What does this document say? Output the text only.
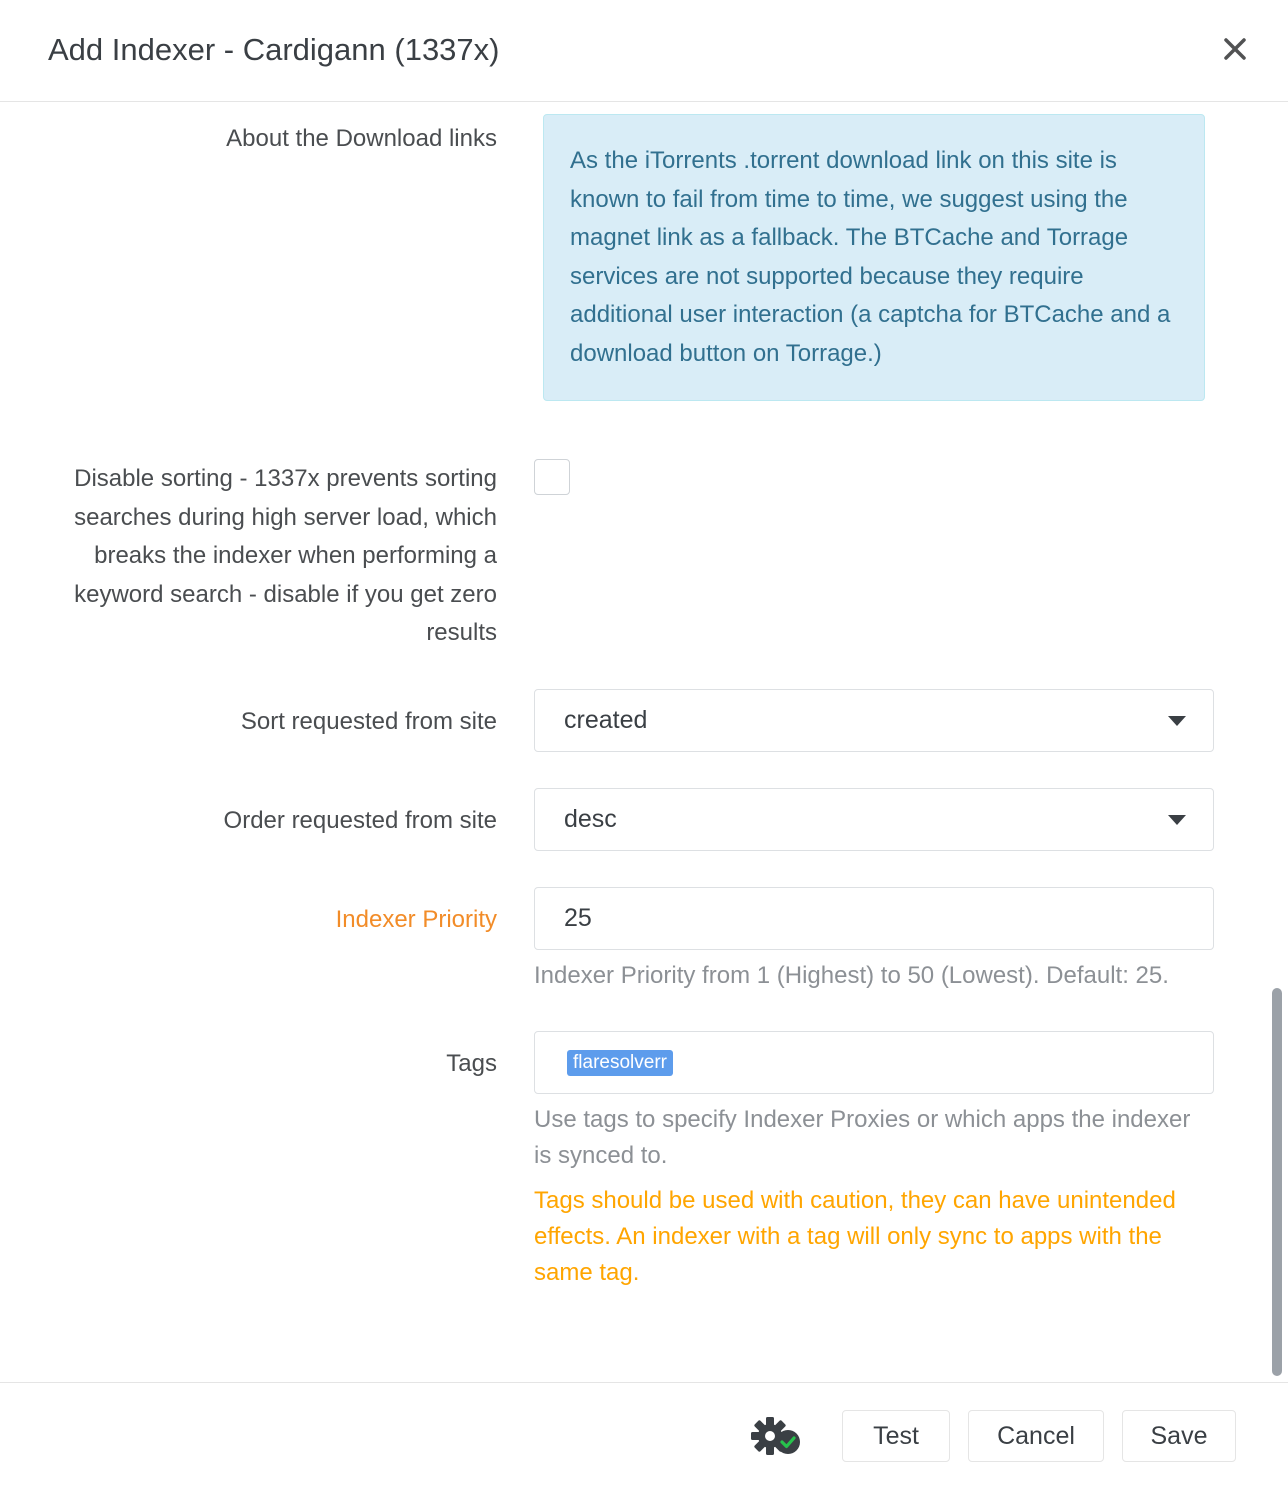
Add Indexer - Cardigann (1337x)
About the Download links
As the iTorrents .torrent download link on this site is known to fail from time to time, we suggest using the magnet link as a fallback. The BTCache and Torrage services are not supported because they require additional user interaction (a captcha for BTCache and a download button on Torrage.)
Disable sorting - 1337x prevents sorting searches during high server load, which breaks the indexer when performing a keyword search - disable if you get zero results
Sort requested from site	created
Order requested from site	desc
Indexer Priority	25
Indexer Priority from 1 (Highest) to 50 (Lowest). Default: 25.
Tags	flaresolverr
Use tags to specify Indexer Proxies or which apps the indexer is synced to.
Tags should be used with caution, they can have unintended effects. An indexer with a tag will only sync to apps with the same tag.
Test	Cancel	Save
